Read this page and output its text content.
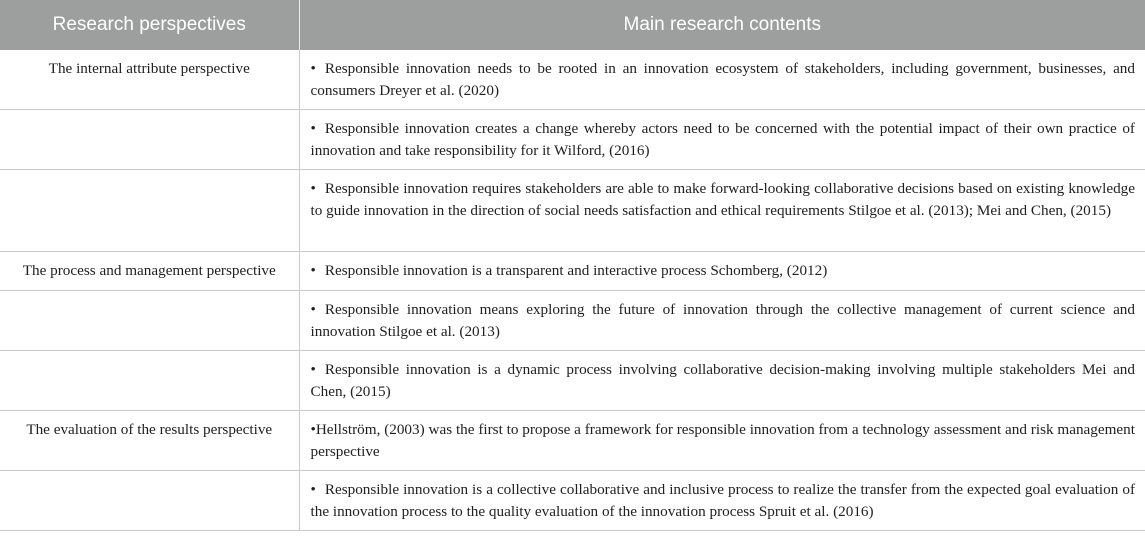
Research perspectives	Main research contents
The internal attribute perspective	• Responsible innovation needs to be rooted in an innovation ecosystem of stakeholders, including government, businesses, and consumers Dreyer et al. (2020)
	• Responsible innovation creates a change whereby actors need to be concerned with the potential impact of their own practice of innovation and take responsibility for it Wilford, (2016)
	• Responsible innovation requires stakeholders are able to make forward-looking collaborative decisions based on existing knowledge to guide innovation in the direction of social needs satisfaction and ethical requirements Stilgoe et al. (2013); Mei and Chen, (2015)
The process and management perspective	• Responsible innovation is a transparent and interactive process Schomberg, (2012)
	• Responsible innovation means exploring the future of innovation through the collective management of current science and innovation Stilgoe et al. (2013)
	• Responsible innovation is a dynamic process involving collaborative decision-making involving multiple stakeholders Mei and Chen, (2015)
The evaluation of the results perspective	•Hellström, (2003) was the first to propose a framework for responsible innovation from a technology assessment and risk management perspective
	• Responsible innovation is a collective collaborative and inclusive process to realize the transfer from the expected goal evaluation of the innovation process to the quality evaluation of the innovation process Spruit et al. (2016)
